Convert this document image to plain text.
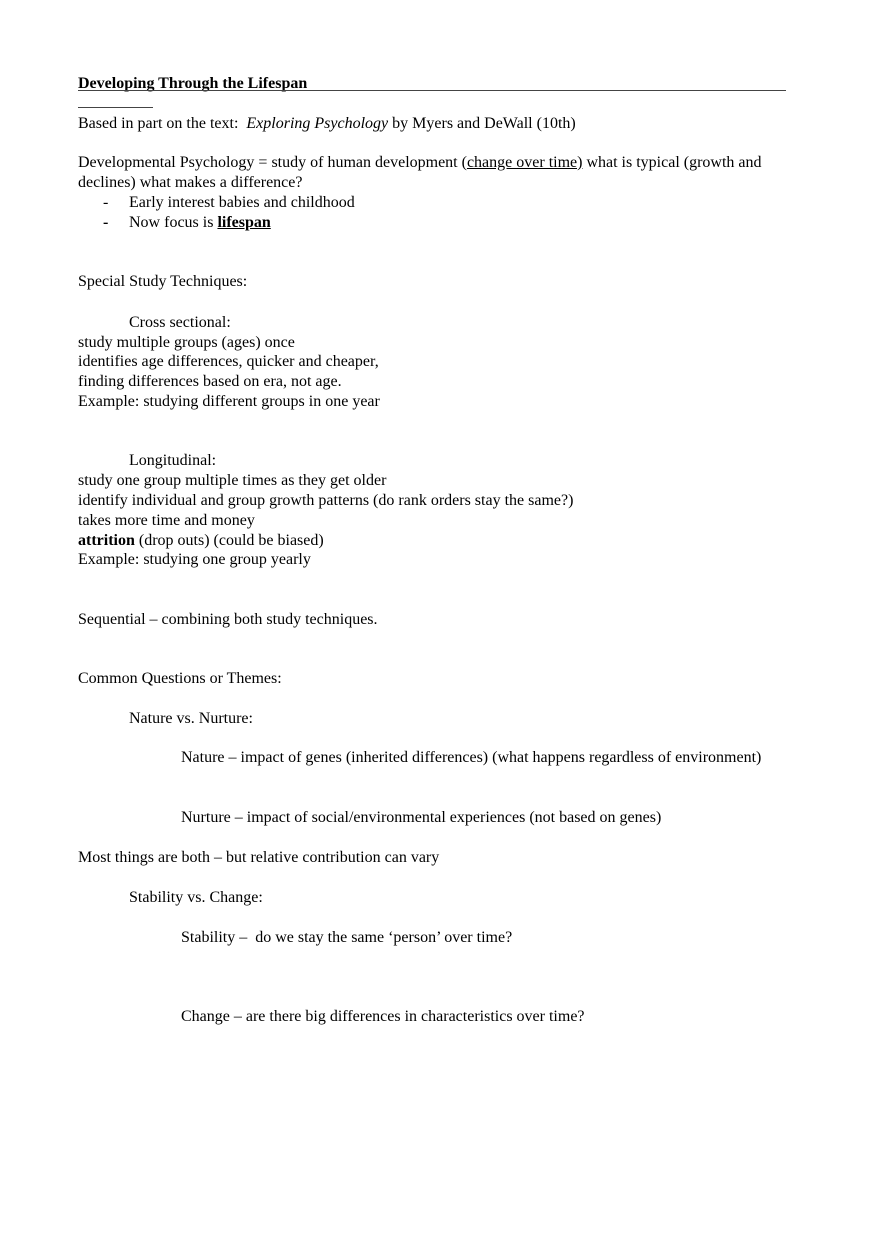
Developing Through the Lifespan
Based in part on the text:  Exploring Psychology by Myers and DeWall (10th)
Developmental Psychology = study of human development (change over time) what is typical (growth and
declines) what makes a difference?
- Early interest babies and childhood
- Now focus is lifespan
Special Study Techniques:
Cross sectional:
study multiple groups (ages) once
identifies age differences, quicker and cheaper,
finding differences based on era, not age.
Example: studying different groups in one year
Longitudinal:
study one group multiple times as they get older
identify individual and group growth patterns (do rank orders stay the same?)
takes more time and money
attrition (drop outs) (could be biased)
Example: studying one group yearly
Sequential – combining both study techniques.
Common Questions or Themes:
Nature vs. Nurture:
Nature – impact of genes (inherited differences) (what happens regardless of environment)
Nurture – impact of social/environmental experiences (not based on genes)
Most things are both – but relative contribution can vary
Stability vs. Change:
Stability –  do we stay the same ‘person’ over time?
Change – are there big differences in characteristics over time?
